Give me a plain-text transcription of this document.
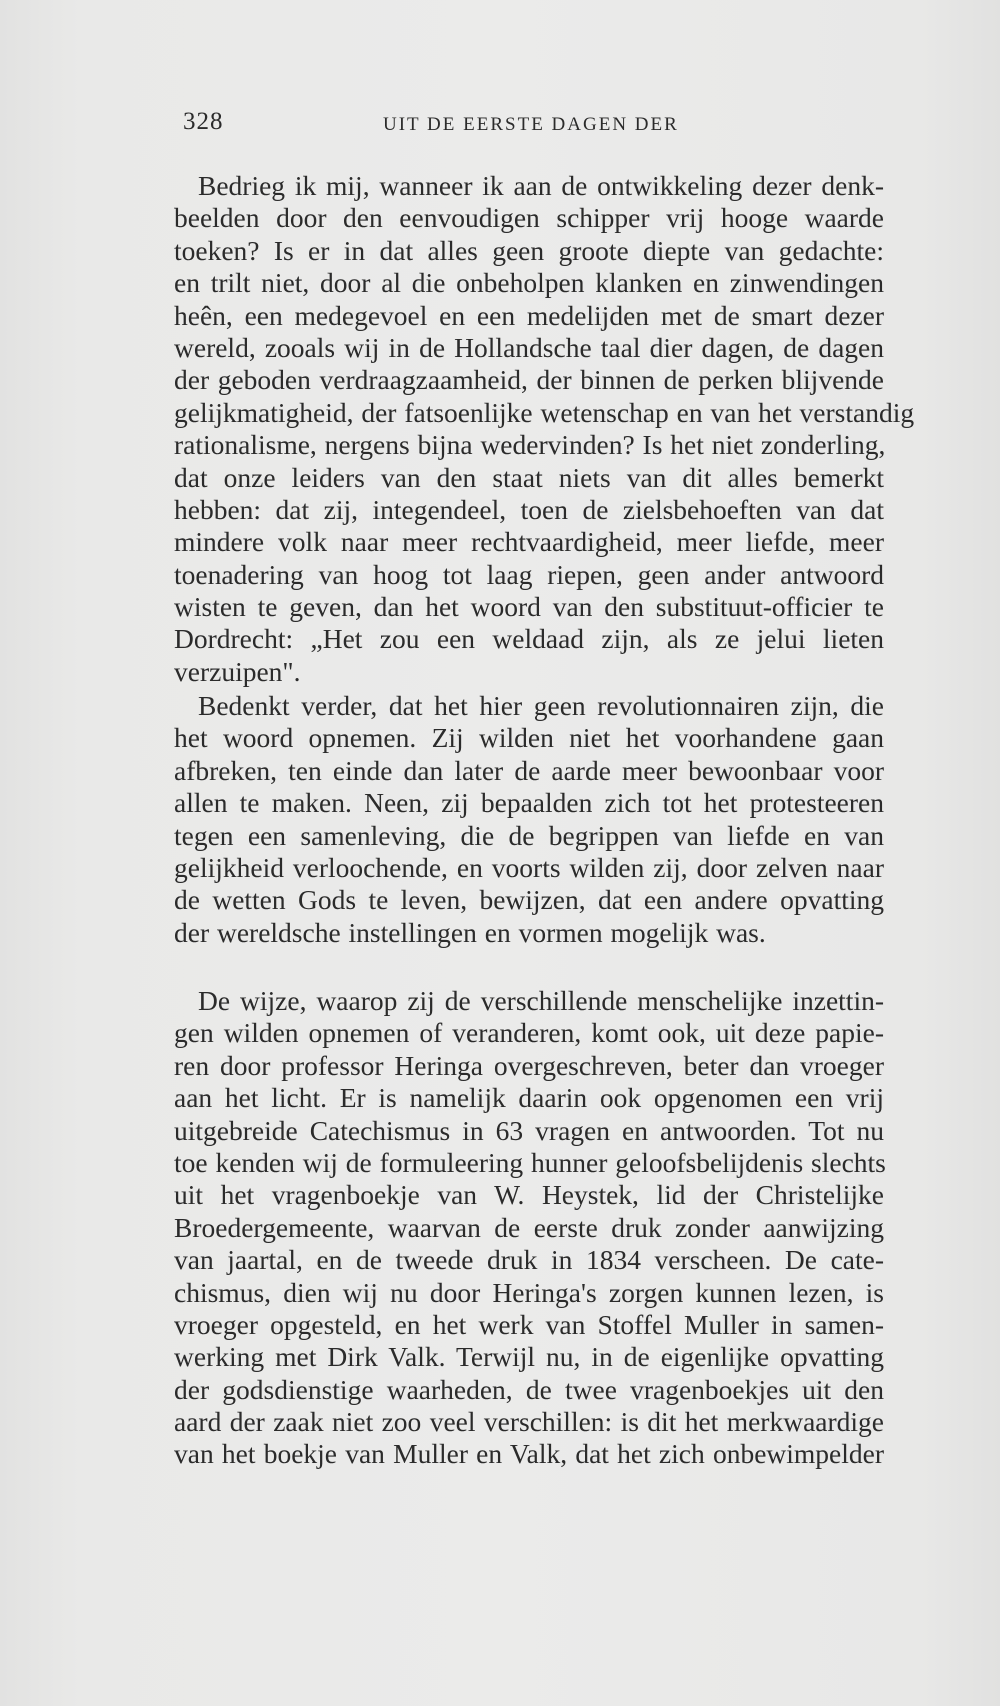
328	UIT DE EERSTE DAGEN DER
Bedrieg ik mij, wanneer ik aan de ontwikkeling dezer denk-
beelden door den eenvoudigen schipper vrij hooge waarde
toeken? Is er in dat alles geen groote diepte van gedachte:
en trilt niet, door al die onbeholpen klanken en zinwendingen
heên, een medegevoel en een medelijden met de smart dezer
wereld, zooals wij in de Hollandsche taal dier dagen, de dagen
der geboden verdraagzaamheid, der binnen de perken blijvende
gelijkmatigheid, der fatsoenlijke wetenschap en van het verstandig
rationalisme, nergens bijna wedervinden? Is het niet zonderling,
dat onze leiders van den staat niets van dit alles bemerkt
hebben: dat zij, integendeel, toen de zielsbehoeften van dat
mindere volk naar meer rechtvaardigheid, meer liefde, meer
toenadering van hoog tot laag riepen, geen ander antwoord
wisten te geven, dan het woord van den substituut-officier te
Dordrecht: „Het zou een weldaad zijn, als ze jelui lieten
verzuipen".
Bedenkt verder, dat het hier geen revolutionnairen zijn, die
het woord opnemen. Zij wilden niet het voorhandene gaan
afbreken, ten einde dan later de aarde meer bewoonbaar voor
allen te maken. Neen, zij bepaalden zich tot het protesteeren
tegen een samenleving, die de begrippen van liefde en van
gelijkheid verloochende, en voorts wilden zij, door zelven naar
de wetten Gods te leven, bewijzen, dat een andere opvatting
der wereldsche instellingen en vormen mogelijk was.
De wijze, waarop zij de verschillende menschelijke inzettin-
gen wilden opnemen of veranderen, komt ook, uit deze papie-
ren door professor Heringa overgeschreven, beter dan vroeger
aan het licht. Er is namelijk daarin ook opgenomen een vrij
uitgebreide Catechismus in 63 vragen en antwoorden. Tot nu
toe kenden wij de formuleering hunner geloofsbelijdenis slechts
uit het vragenboekje van W. Heystek, lid der Christelijke
Broedergemeente, waarvan de eerste druk zonder aanwijzing
van jaartal, en de tweede druk in 1834 verscheen. De cate-
chismus, dien wij nu door Heringa's zorgen kunnen lezen, is
vroeger opgesteld, en het werk van Stoffel Muller in samen-
werking met Dirk Valk. Terwijl nu, in de eigenlijke opvatting
der godsdienstige waarheden, de twee vragenboekjes uit den
aard der zaak niet zoo veel verschillen: is dit het merkwaardige
van het boekje van Muller en Valk, dat het zich onbewimpelder
